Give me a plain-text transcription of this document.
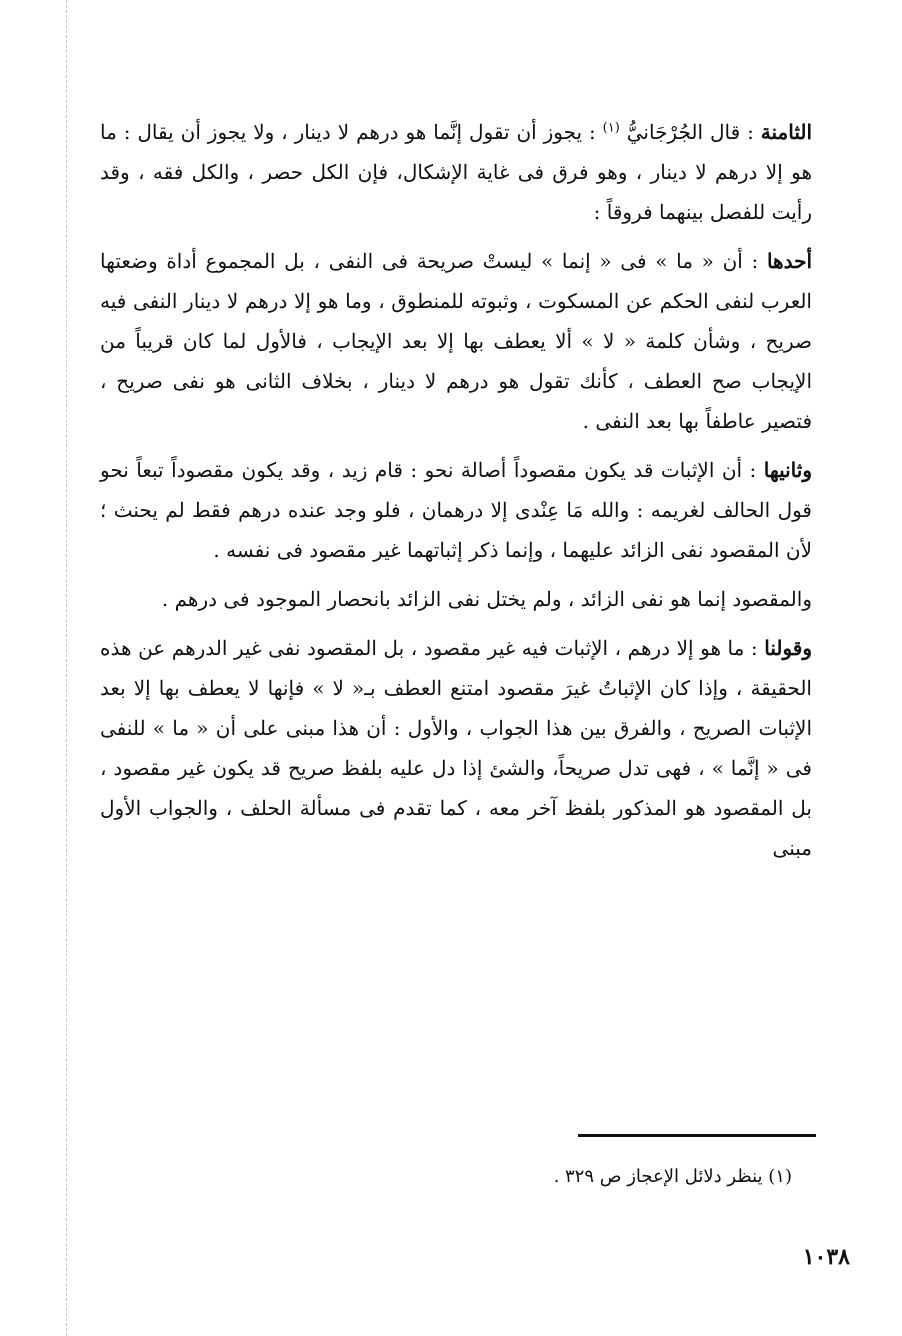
الثامنة : قال الجُرْجَانيُّ $^{(١)}$ : يجوز أن تقول إنَّما هو درهم لا دينار ، ولا يجوز أن يقال : ما هو إلا درهم لا دينار ، وهو فرق فى غاية الإشكال، فإن الكل حصر ، والكل فقه ، وقد رأيت للفصل بينهما فروقاً :

أحدها : أن « ما » فى « إنما » ليستْ صريحة فى النفى ، بل المجموع أداة وضعتها العرب لنفى الحكم عن المسكوت ، وثبوته للمنطوق ، وما هو إلا درهم لا دينار النفى فيه صريح ، وشأن كلمة « لا » ألا يعطف بها إلا بعد الإيجاب ، فالأول لما كان قريباً من الإيجاب صح العطف ، كأنك تقول هو درهم لا دينار ، بخلاف الثانى هو نفى صريح ، فتصير عاطفاً بها بعد النفى .

وثانيها : أن الإثبات قد يكون مقصوداً أصالة نحو : قام زيد ، وقد يكون مقصوداً تبعاً نحو قول الحالف لغريمه : والله مَا عِنْدى إلا درهمان ، فلو وجد عنده درهم فقط لم يحنث ؛ لأن المقصود نفى الزائد عليهما ، وإنما ذكر إثباتهما غير مقصود فى نفسه .

والمقصود إنما هو نفى الزائد ، ولم يختل نفى الزائد بانحصار الموجود فى درهم .

وقولنا : ما هو إلا درهم ، الإثبات فيه غير مقصود ، بل المقصود نفى غير الدرهم عن هذه الحقيقة ، وإذا كان الإثباتُ غيرَ مقصود امتنع العطف بـ« لا » فإنها لا يعطف بها إلا بعد الإثبات الصريح ، والفرق بين هذا الجواب ، والأول : أن هذا مبنى على أن « ما » للنفى فى « إنَّما » ، فهى تدل صريحاً، والشئ إذا دل عليه بلفظ صريح قد يكون غير مقصود ، بل المقصود هو المذكور بلفظ آخر معه ، كما تقدم فى مسألة الحلف ، والجواب الأول مبنى

(١) ينظر دلائل الإعجاز ص ٣٢٩ .
١٠٣٨
